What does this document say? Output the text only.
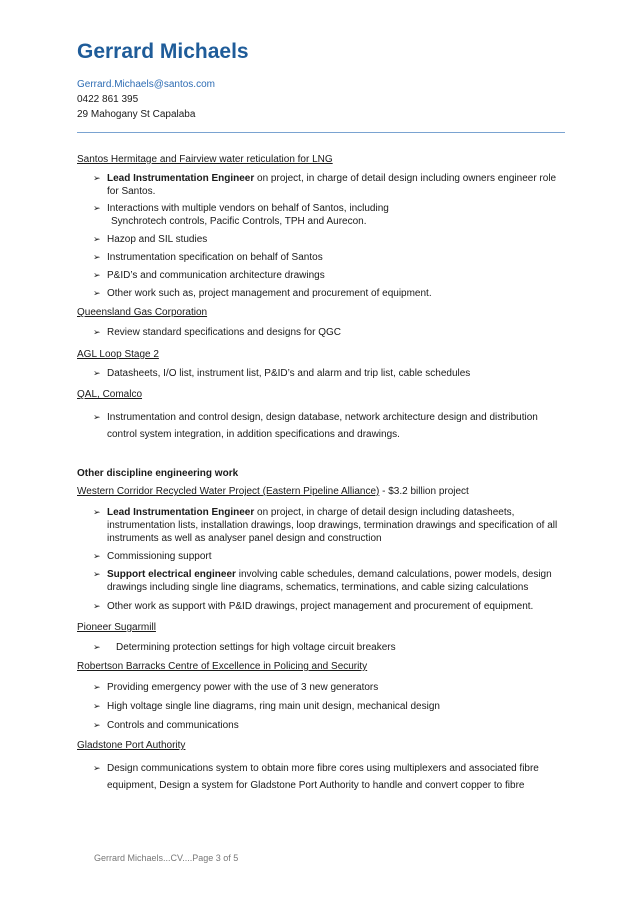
Gerrard Michaels
Gerrard.Michaels@santos.com
0422 861 395
29 Mahogany St Capalaba

Santos Hermitage and Fairview water reticulation for LNG

➢ Lead Instrumentation Engineer on project, in charge of detail design including owners engineer role for Santos.
➢ Interactions with multiple vendors on behalf of Santos, including
Synchrotech controls, Pacific Controls, TPH and Aurecon.
➢ Hazop and SIL studies
➢ Instrumentation specification on behalf of Santos
➢ P&ID’s and communication architecture drawings
➢ Other work such as, project management and procurement of equipment.

Queensland Gas Corporation

➢ Review standard specifications and designs for QGC

AGL Loop Stage 2

➢ Datasheets, I/O list, instrument list, P&ID’s and alarm and trip list, cable schedules

QAL, Comalco

➢ Instrumentation and control design, design database, network architecture design and distribution control system integration, in addition specifications and drawings.

Other discipline engineering work

Western Corridor Recycled Water Project (Eastern Pipeline Alliance) - $3.2 billion project

➢ Lead Instrumentation Engineer on project, in charge of detail design including datasheets, instrumentation lists, installation drawings, loop drawings, termination drawings and specification of all instruments as well as analyser panel design and construction
➢ Commissioning support
➢ Support electrical engineer involving cable schedules, demand calculations, power models, design drawings including single line diagrams, schematics, terminations, and cable sizing calculations
➢ Other work as support with P&ID drawings, project management and procurement of equipment.

Pioneer Sugarmill

➢ Determining protection settings for high voltage circuit breakers

Robertson Barracks Centre of Excellence in Policing and Security

➢ Providing emergency power with the use of 3 new generators
➢ High voltage single line diagrams, ring main unit design, mechanical design
➢ Controls and communications

Gladstone Port Authority

➢ Design communications system to obtain more fibre cores using multiplexers and associated fibre equipment, Design a system for Gladstone Port Authority to handle and convert copper to fibre
Gerrard Michaels...CV....Page 3 of 5
